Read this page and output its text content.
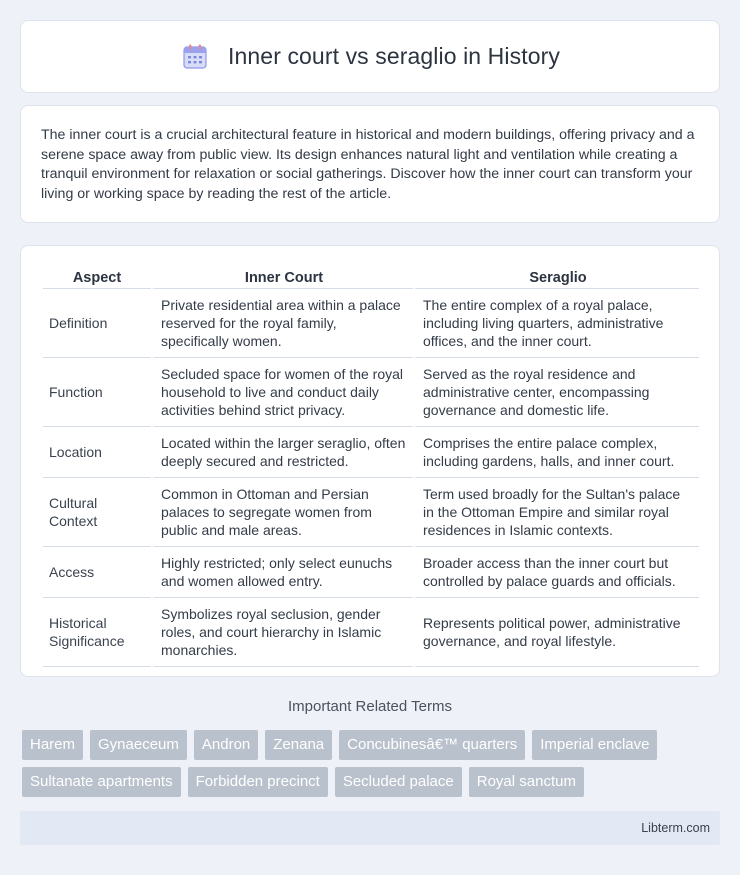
Inner court vs seraglio in History

The inner court is a crucial architectural feature in historical and modern buildings, offering privacy and a serene space away from public view. Its design enhances natural light and ventilation while creating a tranquil environment for relaxation or social gatherings. Discover how the inner court can transform your living or working space by reading the rest of the article.

Aspect	Inner Court	Seraglio
Definition	Private residential area within a palace reserved for the royal family, specifically women.	The entire complex of a royal palace, including living quarters, administrative offices, and the inner court.
Function	Secluded space for women of the royal household to live and conduct daily activities behind strict privacy.	Served as the royal residence and administrative center, encompassing governance and domestic life.
Location	Located within the larger seraglio, often deeply secured and restricted.	Comprises the entire palace complex, including gardens, halls, and inner court.
Cultural Context	Common in Ottoman and Persian palaces to segregate women from public and male areas.	Term used broadly for the Sultan's palace in the Ottoman Empire and similar royal residences in Islamic contexts.
Access	Highly restricted; only select eunuchs and women allowed entry.	Broader access than the inner court but controlled by palace guards and officials.
Historical Significance	Symbolizes royal seclusion, gender roles, and court hierarchy in Islamic monarchies.	Represents political power, administrative governance, and royal lifestyle.
Important Related Terms
Harem	Gynaeceum	Andron	Zenana	Concubinesâ€™ quarters	Imperial enclave
Sultanate apartments	Forbidden precinct	Secluded palace	Royal sanctum
Libterm.com
